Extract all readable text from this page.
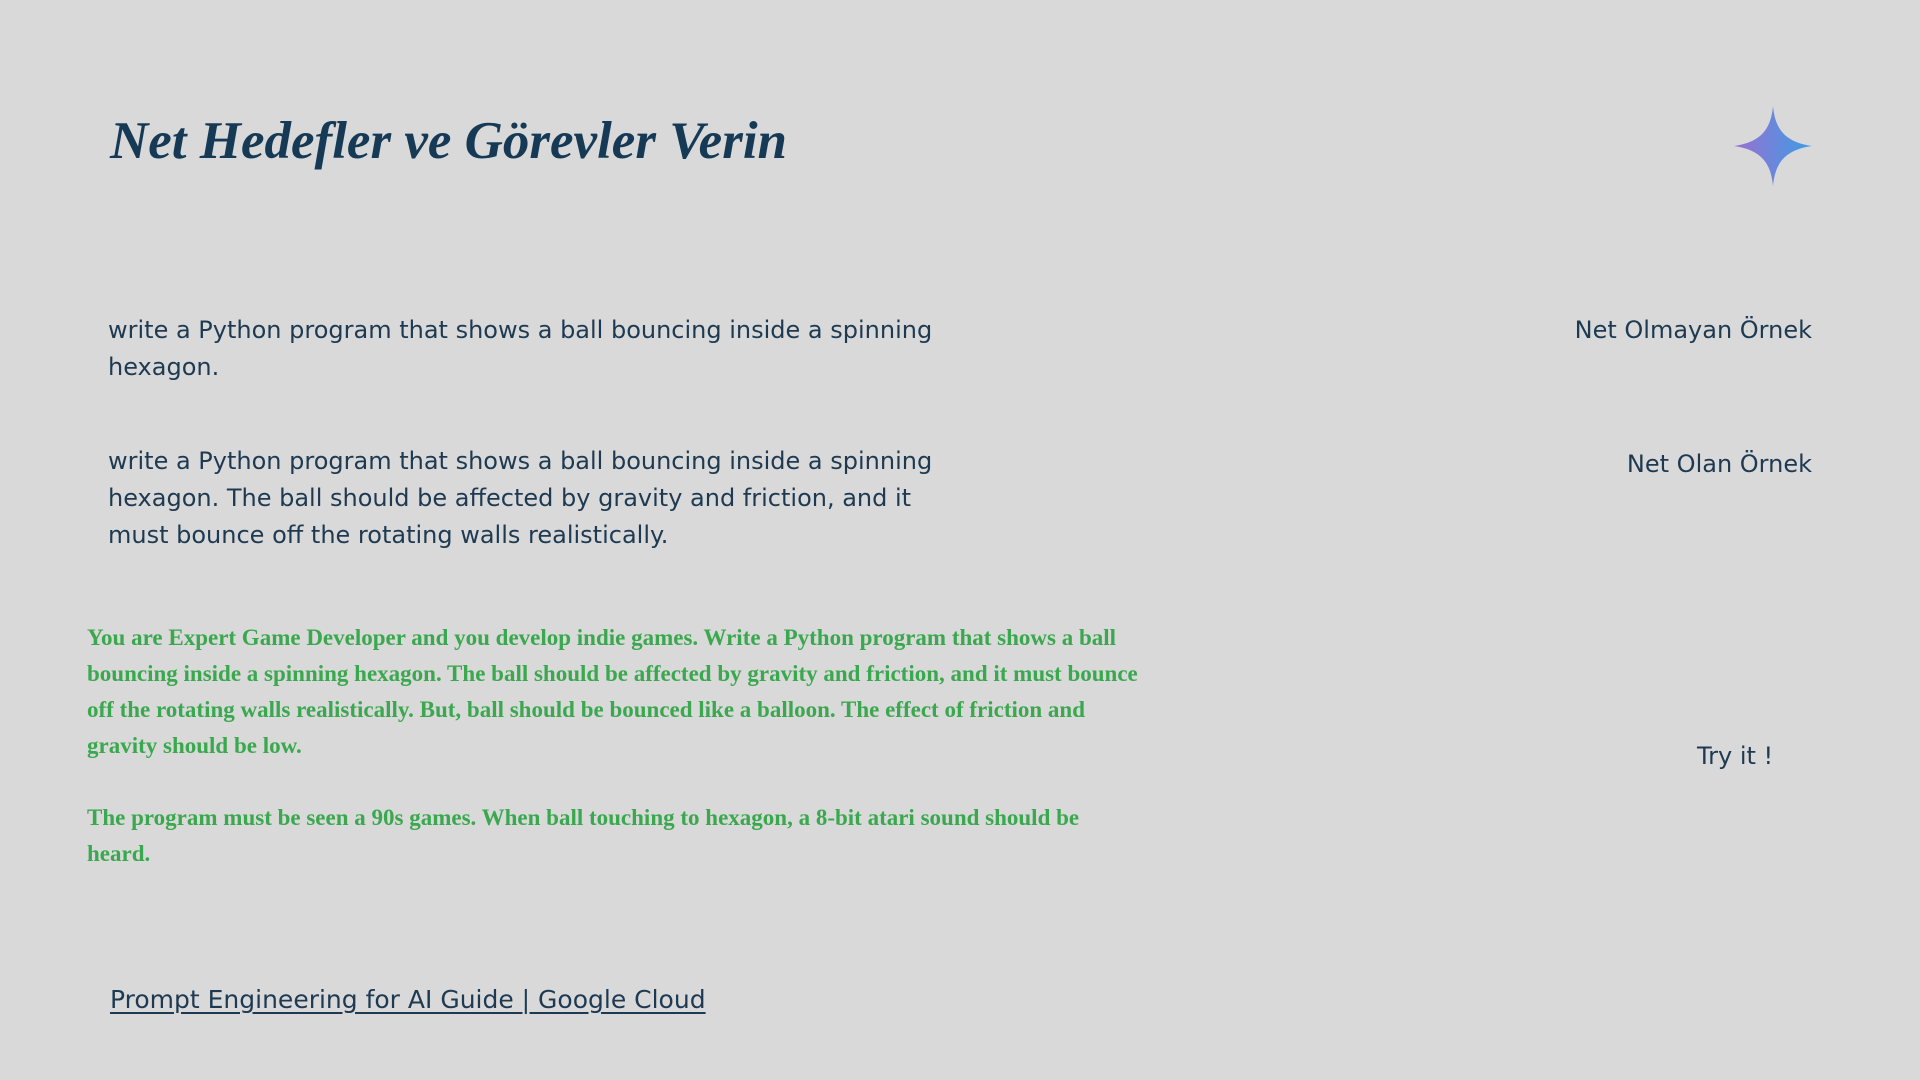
Net Hedefler ve Görevler Verin

write a Python program that shows a ball bouncing inside a spinning hexagon.

Net Olmayan Örnek

write a Python program that shows a ball bouncing inside a spinning hexagon. The ball should be affected by gravity and friction, and it must bounce off the rotating walls realistically.

Net Olan Örnek

You are Expert Game Developer and you develop indie games. Write a Python program that shows a ball bouncing inside a spinning hexagon. The ball should be affected by gravity and friction, and it must bounce off the rotating walls realistically. But, ball should be bounced like a balloon. The effect of friction and gravity should be low.

The program must be seen a 90s games. When ball touching to hexagon, a 8-bit atari sound should be heard.

Try it !
Prompt Engineering for AI Guide | Google Cloud
